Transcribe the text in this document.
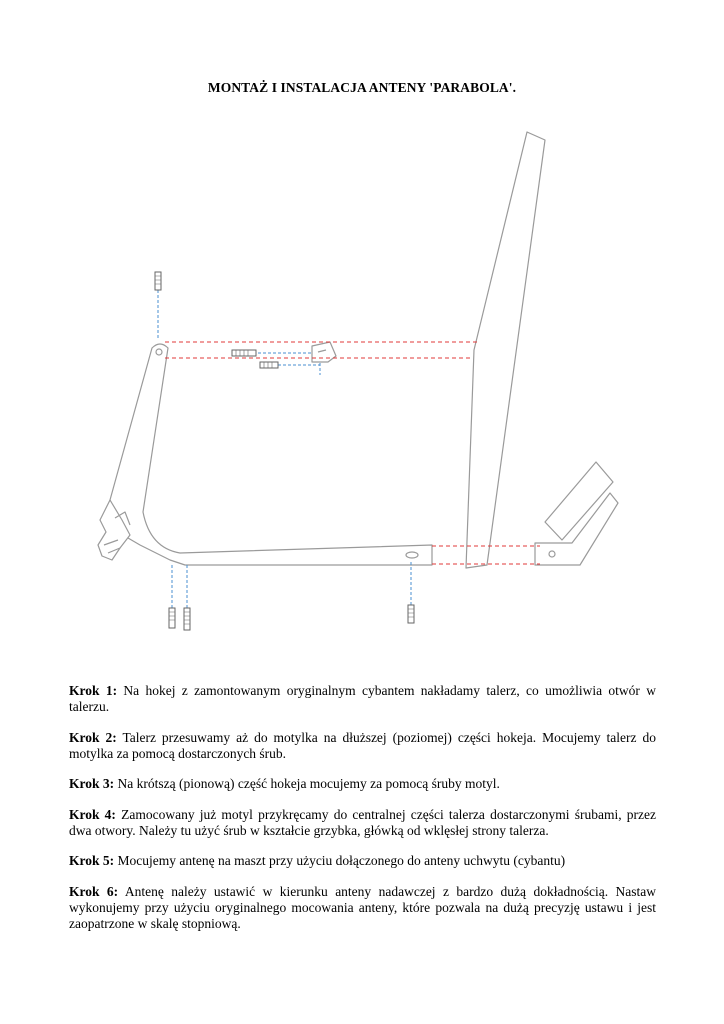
MONTAŻ I INSTALACJA ANTENY 'PARABOLA'.

Krok 1: Na hokej z zamontowanym oryginalnym cybantem nakładamy talerz, co umożliwia otwór w talerzu.

Krok 2: Talerz przesuwamy aż do motylka na dłuższej (poziomej) części hokeja. Mocujemy talerz do motylka za pomocą dostarczonych śrub.

Krok 3: Na krótszą (pionową) część hokeja mocujemy za pomocą śruby motyl.

Krok 4: Zamocowany już motyl przykręcamy do centralnej części talerza dostarczonymi śrubami, przez dwa otwory. Należy tu użyć śrub w kształcie grzybka, główką od wklęsłej strony talerza.

Krok 5: Mocujemy antenę na maszt przy użyciu dołączonego do anteny uchwytu (cybantu)

Krok 6: Antenę należy ustawić w kierunku anteny nadawczej z bardzo dużą dokładnością. Nastaw wykonujemy przy użyciu oryginalnego mocowania anteny, które pozwala na dużą precyzję ustawu i jest zaopatrzone w skalę stopniową.
